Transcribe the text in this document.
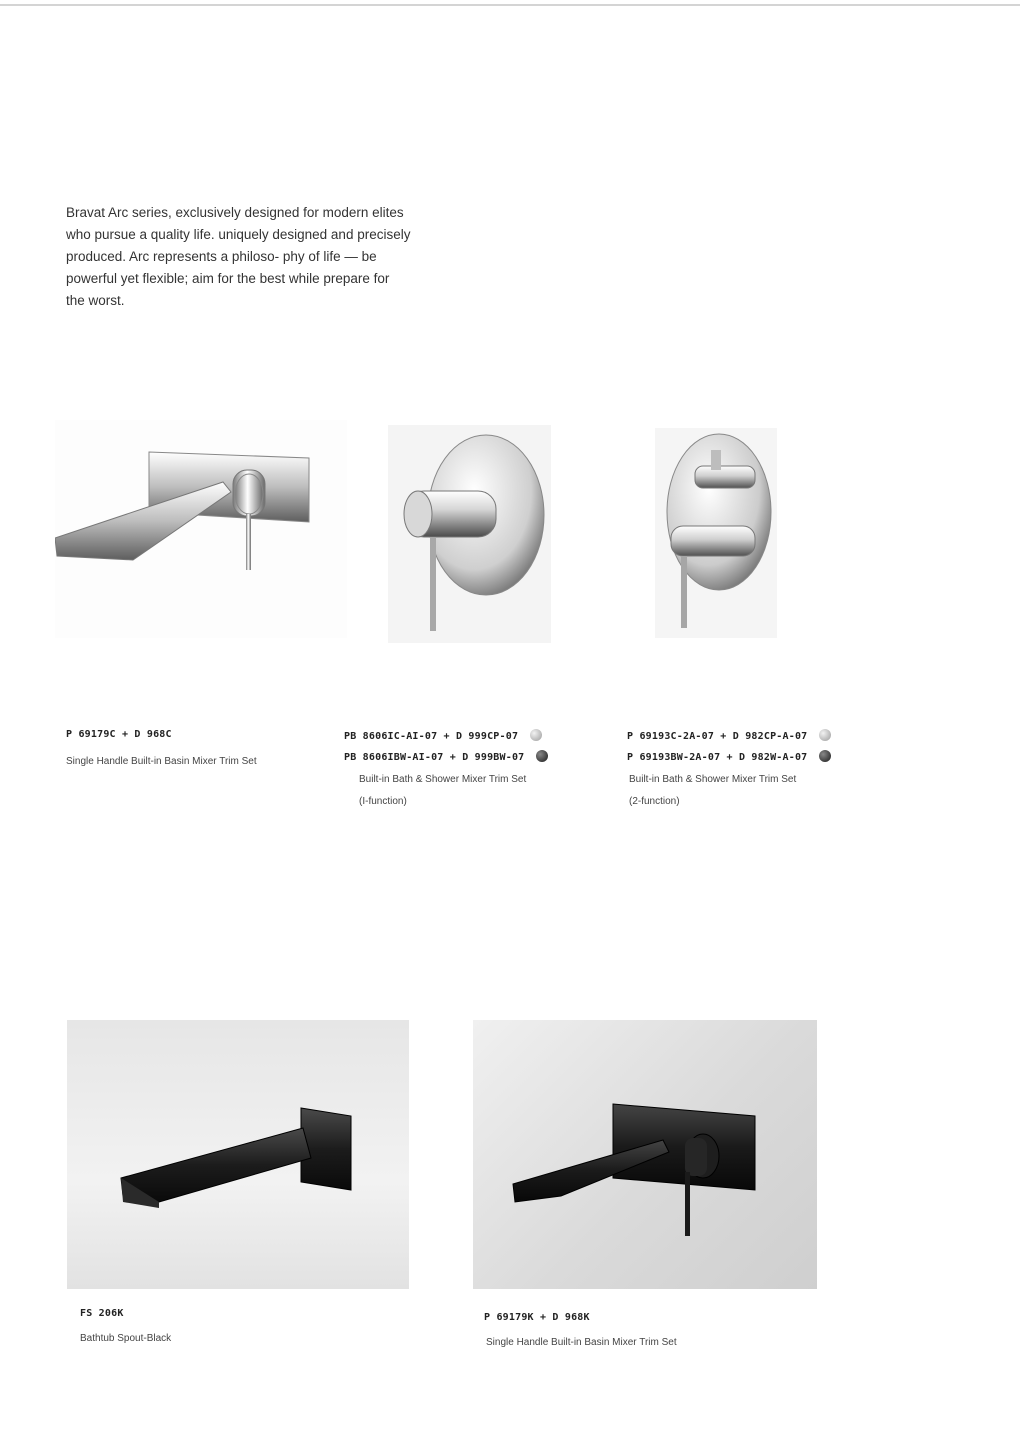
Bravat Arc series, exclusively designed for modern elites who pursue a quality life. uniquely designed and precisely produced. Arc represents a philoso- phy of life — be powerful yet flexible; aim for the best while prepare for the worst.

P 69179C + D 968C
Single Handle Built-in Basin Mixer Trim Set
PB 8606IC-AI-07 + D 999CP-07
PB 8606IBW-AI-07 + D 999BW-07
Built-in Bath & Shower Mixer Trim Set
(I-function)
P 69193C-2A-07 + D 982CP-A-07
P 69193BW-2A-07 + D 982W-A-07
Built-in Bath & Shower Mixer Trim Set
(2-function)
FS 206K
Bathtub Spout-Black
P 69179K + D 968K
Single Handle Built-in Basin Mixer Trim Set
